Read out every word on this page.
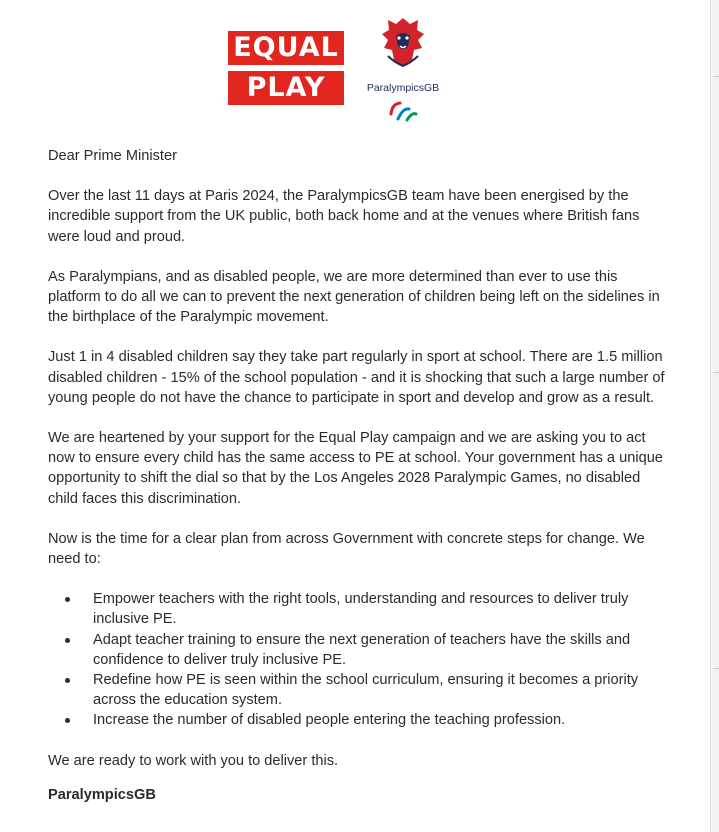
EQUAL
PLAY	ParalympicsGB

Dear Prime Minister

Over the last 11 days at Paris 2024, the ParalympicsGB team have been energised by the incredible support from the UK public, both back home and at the venues where British fans were loud and proud.

As Paralympians, and as disabled people, we are more determined than ever to use this platform to do all we can to prevent the next generation of children being left on the sidelines in the birthplace of the Paralympic movement.

Just 1 in 4 disabled children say they take part regularly in sport at school. There are 1.5 million disabled children - 15% of the school population - and it is shocking that such a large number of young people do not have the chance to participate in sport and develop and grow as a result.

We are heartened by your support for the Equal Play campaign and we are asking you to act now to ensure every child has the same access to PE at school. Your government has a unique opportunity to shift the dial so that by the Los Angeles 2028 Paralympic Games, no disabled child faces this discrimination.

Now is the time for a clear plan from across Government with concrete steps for change. We need to:

Empower teachers with the right tools, understanding and resources to deliver truly inclusive PE.
Adapt teacher training to ensure the next generation of teachers have the skills and confidence to deliver truly inclusive PE.
Redefine how PE is seen within the school curriculum, ensuring it becomes a priority across the education system.
Increase the number of disabled people entering the teaching profession.

We are ready to work with you to deliver this.

ParalympicsGB
